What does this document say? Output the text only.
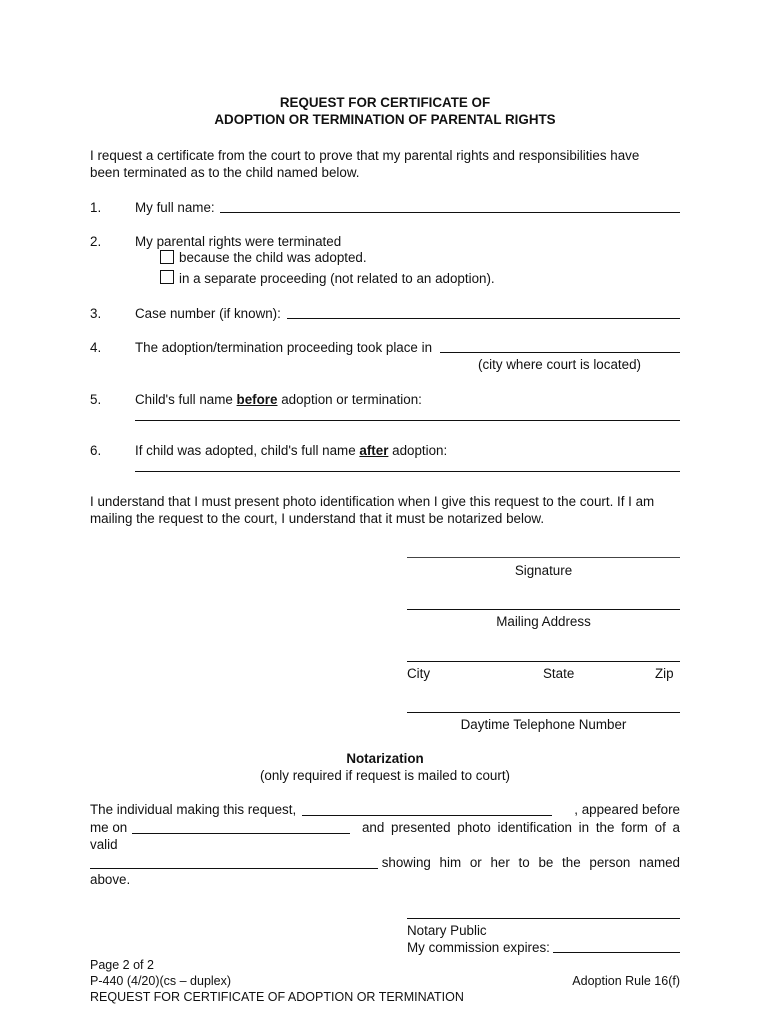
REQUEST FOR CERTIFICATE OF
ADOPTION OR TERMINATION OF PARENTAL RIGHTS
I request a certificate from the court to prove that my parental rights and responsibilities have
been terminated as to the child named below.
1.	My full name:
2.	My parental rights were terminated
because the child was adopted.
in a separate proceeding (not related to an adoption).
3.	Case number (if known):
4.	The adoption/termination proceeding took place in
(city where court is located)
5.	Child's full name before adoption or termination:
6.	If child was adopted, child's full name after adoption:
I understand that I must present photo identification when I give this request to the court. If I am
mailing the request to the court, I understand that it must be notarized below.
Signature
Mailing Address
City	State	Zip
Daytime Telephone Number
Notarization
(only required if request is mailed to court)
The individual making this request,	, appeared before
me on	and presented photo identification in the form of a
valid
showing him or her to be the person named
above.
Notary Public
My commission expires:
Page 2 of 2
P-440 (4/20)(cs – duplex)
REQUEST FOR CERTIFICATE OF ADOPTION OR TERMINATION
Adoption Rule 16(f)
